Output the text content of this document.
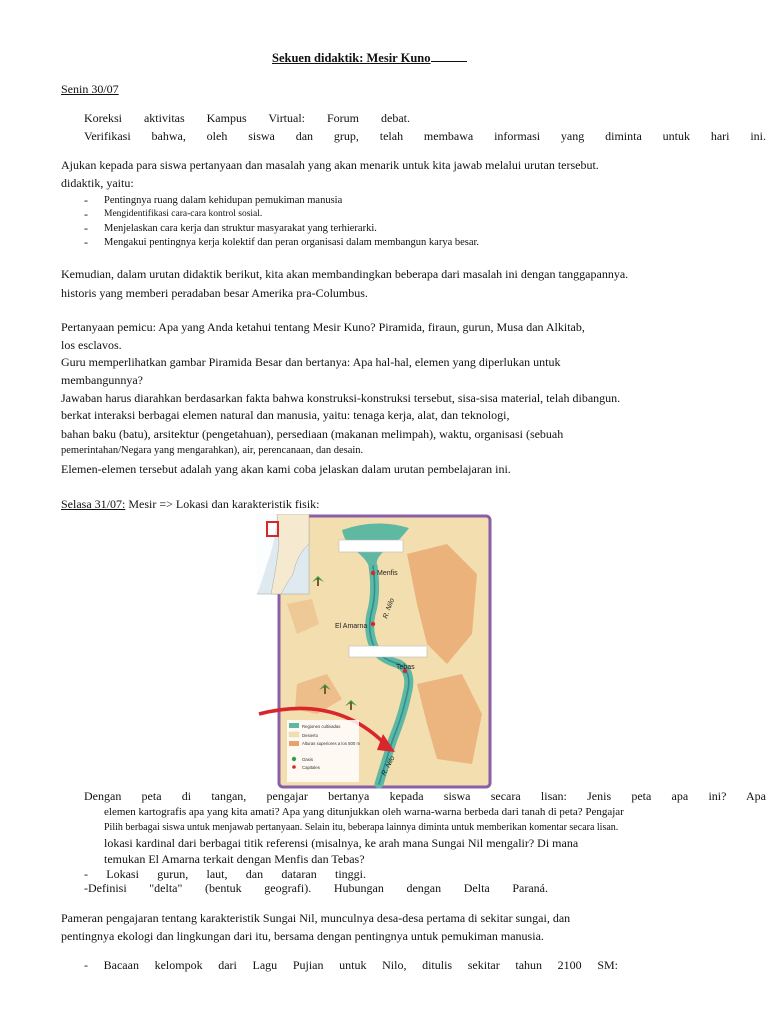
Sekuen didaktik: Mesir Kuno
Senin 30/07
Koreksi aktivitas Kampus Virtual: Forum debat.
Verifikasi bahwa, oleh siswa dan grup, telah membawa informasi yang diminta untuk hari ini.
Ajukan kepada para siswa pertanyaan dan masalah yang akan menarik untuk kita jawab melalui urutan tersebut.
didaktik, yaitu:
- Pentingnya ruang dalam kehidupan pemukiman manusia
- Mengidentifikasi cara-cara kontrol sosial.
- Menjelaskan cara kerja dan struktur masyarakat yang terhierarki.
- Mengakui pentingnya kerja kolektif dan peran organisasi dalam membangun karya besar.
Kemudian, dalam urutan didaktik berikut, kita akan membandingkan beberapa dari masalah ini dengan tanggapannya.
historis yang memberi peradaban besar Amerika pra-Columbus.
Pertanyaan pemicu: Apa yang Anda ketahui tentang Mesir Kuno? Piramida, firaun, gurun, Musa dan Alkitab,
los esclavos.
Guru memperlihatkan gambar Piramida Besar dan bertanya: Apa hal-hal, elemen yang diperlukan untuk
membangunnya?
Jawaban harus diarahkan berdasarkan fakta bahwa konstruksi-konstruksi tersebut, sisa-sisa material, telah dibangun.
berkat interaksi berbagai elemen natural dan manusia, yaitu: tenaga kerja, alat, dan teknologi,
bahan baku (batu), arsitektur (pengetahuan), persediaan (makanan melimpah), waktu, organisasi (sebuah
pemerintahan/Negara yang mengarahkan), air, perencanaan, dan desain.
Elemen-elemen tersebut adalah yang akan kami coba jelaskan dalam urutan pembelajaran ini.
Selasa 31/07: Mesir => Lokasi dan karakteristik fisik:
Menfis
El Amarna
Tebas
R. Nilo
R. Nilo
Regiones cultivadas
Desierto
Alturas superiores a los 500 m
Oasis
Capitales
Dengan peta di tangan, pengajar bertanya kepada siswa secara lisan: Jenis peta apa ini? Apa
elemen kartografis apa yang kita amati? Apa yang ditunjukkan oleh warna-warna berbeda dari tanah di peta? Pengajar
Pilih berbagai siswa untuk menjawab pertanyaan. Selain itu, beberapa lainnya diminta untuk memberikan komentar secara lisan.
lokasi kardinal dari berbagai titik referensi (misalnya, ke arah mana Sungai Nil mengalir? Di mana
temukan El Amarna terkait dengan Menfis dan Tebas?
- Lokasi gurun, laut, dan dataran tinggi.
-Definisi "delta" (bentuk geografi). Hubungan dengan Delta Paraná.
Pameran pengajaran tentang karakteristik Sungai Nil, munculnya desa-desa pertama di sekitar sungai, dan
pentingnya ekologi dan lingkungan dari itu, bersama dengan pentingnya untuk pemukiman manusia.
- Bacaan kelompok dari Lagu Pujian untuk Nilo, ditulis sekitar tahun 2100 SM:
